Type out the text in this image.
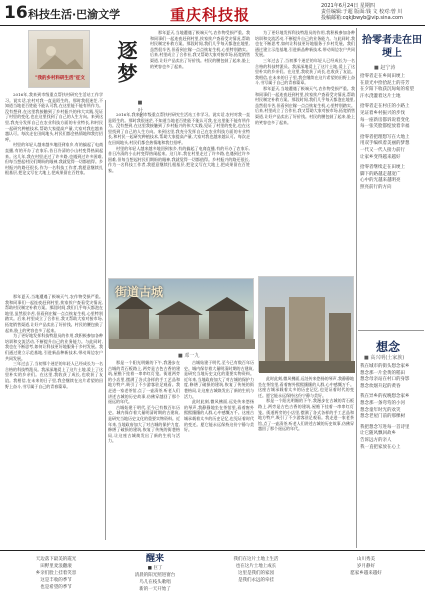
16 科技生活·巴渝文学	重庆科技报	2021年6月24日 星期四
责任编辑:于超 版面:钱 文 校对:曾 川
投稿邮箱:cqkjbwyb@vip.sina.com
"我的乡村科研生活"征文

2016年,我来到市级重点帮扶村研究生活站工作学习。说实话,农村对我一直是陌生的。那时我很迷茫,不知道当地老百姓能不能认可我,在这里能不能有所作为。没有想到,在这里我接触到了乡村振兴的伟大实践,见证了村里的变化,也在这里找到了自己的人生方向。来到这里,我充分发挥自己在农业科技方面的专业特长,和村民一起研究种植技术,帮助大家提高产量,大家对我也越来越认可。每次走在田间地头,村民们都会热情地和我打招呼。

村里的年轻人越来越多地回到家乡,有的搞起了电商直播,有的开办了农家乐,昔日冷清的小山村变得热闹起来。这几年,我在村里走过了许多路,也遇到过许多困难,但每当想起村民们期盼的眼神,我就觉得一切都值得。乡村振兴的路还很长,作为一名科技工作者,我愿意继续扎根基层,把论文写在大地上,把成果留在百姓家。

那年夏天,当地遭遇了极端天气,农作物受损严重。我和同事们一起连夜赶到村里,挨家挨户查看受灾情况,帮助村民制定补救方案。那段时间,我们几乎每天都泡在地里,虽然很辛苦,但看到庄稼一点点恢复生机,心里特别踏实。后来,村里成立了合作社,我又帮助大家对接市场,拓宽销售渠道,让好产品卖出了好价钱。村民的腰包鼓了起来,脸上的笑容也多了起来。

为了更好地发挥科技特派员的作用,我积极参加各种培训和交流活动,不断提升自己的业务能力。与此同时,我也在不断思考,如何让科技更好地服务于乡村发展。我们通过建立示范基地,引进新品种新技术,带动周边农户共同发展。

三年过去了,当初那个迷茫的年轻人已经成长为一名合格的科技特派员。我深深地爱上了这片土地,爱上了这里朴实的乡亲们。在这里,我收获了成长,也收获了友谊。我相信,在未来的日子里,我会继续在这片希望的田野上奋斗,书写属于自己的青春篇章。

逐梦
■ 叶文

那年夏天,当地遭遇了极端天气,农作物受损严重。我和同事们一起连夜赶到村里,挨家挨户查看受灾情况,帮助村民制定补救方案。那段时间,我们几乎每天都泡在地里,虽然很辛苦,但看到庄稼一点点恢复生机,心里特别踏实。后来,村里成立了合作社,我又帮助大家对接市场,拓宽销售渠道,让好产品卖出了好价钱。村民的腰包鼓了起来,脸上的笑容也多了起来。

2016年,我来到市级重点帮扶村研究生活站工作学习。说实话,农村对我一直是陌生的。那时我很迷茫,不知道当地老百姓能不能认可我,在这里能不能有所作为。没有想到,在这里我接触到了乡村振兴的伟大实践,见证了村里的变化,也在这里找到了自己的人生方向。来到这里,我充分发挥自己在农业科技方面的专业特长,和村民一起研究种植技术,帮助大家提高产量,大家对我也越来越认可。每次走在田间地头,村民们都会热情地和我打招呼。

村里的年轻人越来越多地回到家乡,有的搞起了电商直播,有的开办了农家乐,昔日冷清的小山村变得热闹起来。这几年,我在村里走过了许多路,也遇到过许多困难,但每当想起村民们期盼的眼神,我就觉得一切都值得。乡村振兴的路还很长,作为一名科技工作者,我愿意继续扎根基层,把论文写在大地上,把成果留在百姓家。

为了更好地发挥科技特派员的作用,我积极参加各种培训和交流活动,不断提升自己的业务能力。与此同时,我也在不断思考,如何让科技更好地服务于乡村发展。我们通过建立示范基地,引进新品种新技术,带动周边农户共同发展。

三年过去了,当初那个迷茫的年轻人已经成长为一名合格的科技特派员。我深深地爱上了这片土地,爱上了这里朴实的乡亲们。在这里,我收获了成长,也收获了友谊。我相信,在未来的日子里,我会继续在这片希望的田野上奋斗,书写属于自己的青春篇章。

那年夏天,当地遭遇了极端天气,农作物受损严重。我和同事们一起连夜赶到村里,挨家挨户查看受灾情况,帮助村民制定补救方案。那段时间,我们几乎每天都泡在地里,虽然很辛苦,但看到庄稼一点点恢复生机,心里特别踏实。后来,村里成立了合作社,我又帮助大家对接市场,拓宽销售渠道,让好产品卖出了好价钱。村民的腰包鼓了起来,脸上的笑容也多了起来。

街道古城
■ 邓一九

那是一个阳光明媚的下午,我漫步在古城的青石板路上,两旁是古色古香的建筑,屋檐下挂着一串串红灯笼。街道两旁的小店里,摆满了各式各样的手工艺品和地方特产,吸引了不少游客驻足观看。我走进一家老茶馆,点了一壶清茶,听老人们讲述古城的历史故事,仿佛穿越回了那个遥远的年代。

古城始建于明代,至今已有数百年历史。城内保存着大量明清时期的古建筑,是研究当地历史文化的重要实物资料。近年来,当地政府加大了对古城的保护力度,修缮了破损的建筑,恢复了传统的街巷格局,让这座古城焕发出了新的生机与活力。

古城始建于明代,至今已有数百年历史。城内保存着大量明清时期的古建筑,是研究当地历史文化的重要实物资料。近年来,当地政府加大了对古城的保护力度,修缮了破损的建筑,恢复了传统的街巷格局,让这座古城焕发出了新的生机与活力。

此时此刻,微风拂面,远处传来悠扬的琴声,我静静地坐在茶馆里,看着窗外熙熙攘攘的人群,心中感慨万千。这座古城承载着太多的历史记忆,也见证着时代的变迁。愿它能永远保持这份宁静与美好。

此时此刻,微风拂面,远处传来悠扬的琴声,我静静地坐在茶馆里,看着窗外熙熙攘攘的人群,心中感慨万千。这座古城承载着太多的历史记忆,也见证着时代的变迁。愿它能永远保持这份宁静与美好。

那是一个阳光明媚的下午,我漫步在古城的青石板路上,两旁是古色古香的建筑,屋檐下挂着一串串红灯笼。街道两旁的小店里,摆满了各式各样的手工艺品和地方特产,吸引了不少游客驻足观看。我走进一家老茶馆,点了一壶清茶,听老人们讲述古城的历史故事,仿佛穿越回了那个遥远的年代。

拾零者走在田埂上
■ 赵宁涛
拾零者走在乡间田埂上
在晨光中捡拾泥土的芬芳
在夕阳下收获沉甸甸的希望
汗水浇灌着这片土地
拾零者走在村庄的小路上
见证着乡村振兴的步伐
每一座新房都诉说着变化
每一张笑脸都绽放着幸福
拾零者把理想写在大地上
用双手编织着美丽的梦想
一代又一代人接力前行
让家乡变得越来越好
拾零者继续走在田埂上
脚下的路越走越宽广
心中的光越来越明亮
照亮前行的方向
想念
■ 高兴明(土家族)
我在城市的街头想念家乡
想念那一片金黄的稻田
想念母亲站在村口的身影
想念炊烟升起的黄昏
我在异乡的夜晚想念家乡
想念那一条弯弯的小河
想念童年时光的欢笑
想念老屋门前的那棵树
我把想念写进每一首诗里
让它随风飘回故乡
告诉远方的亲人
我一直把家放在心上
天边落下最美的霞光
田野里麦浪翻滚
乡亲们脸上挂着笑容
这是丰收的季节
也是希望的季节
醒来
■ 巨丁
清晨的阳光照进窗台
鸟儿在枝头歌唱
新的一天开始了
我们在这片土地上生活
也在这片土地上成长
这里是我们的家园
是我们永远的牵挂
山川秀美
岁月静好
愿家乡越来越好
